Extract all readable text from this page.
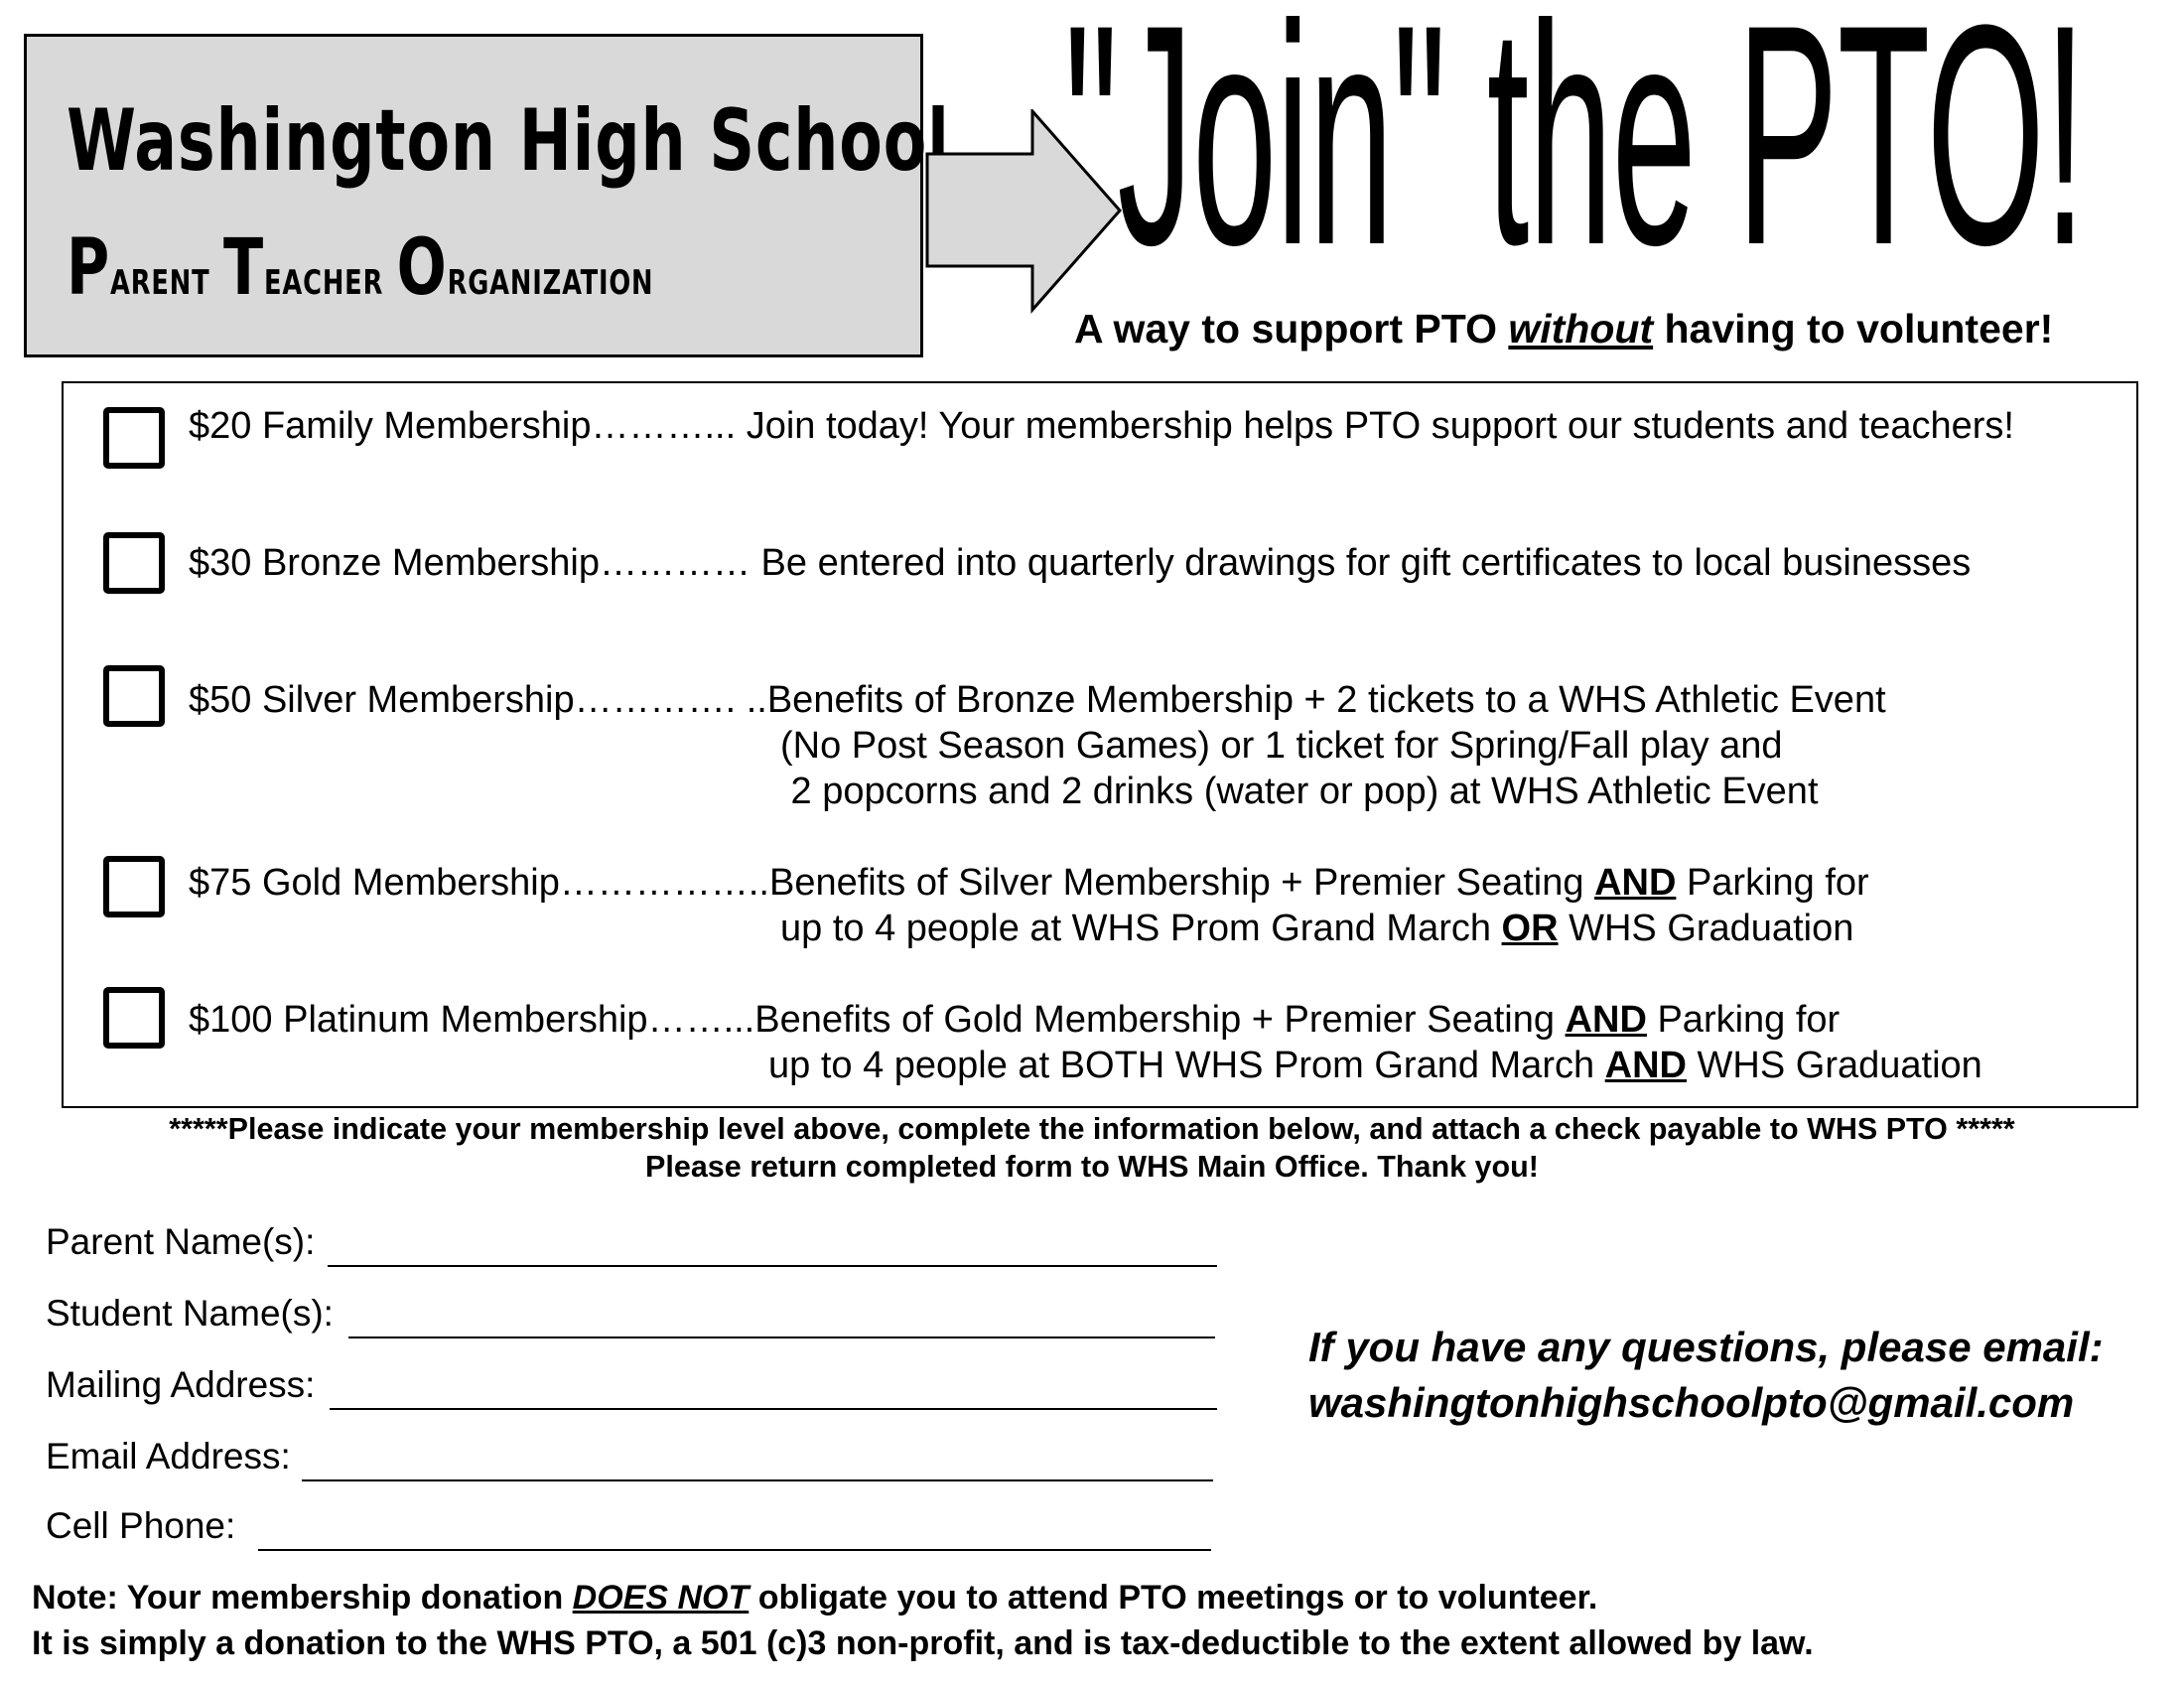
Washington High School
Parent Teacher Organization "Join" the PTO!
A way to support PTO without having to volunteer!
$20 Family Membership………... Join today! Your membership helps PTO support our students and teachers!
$30 Bronze Membership………… Be entered into quarterly drawings for gift certificates to local businesses
$50 Silver Membership…………. ..Benefits of Bronze Membership + 2 tickets to a WHS Athletic Event
(No Post Season Games) or 1 ticket for Spring/Fall play and
2 popcorns and 2 drinks (water or pop) at WHS Athletic Event
$75 Gold Membership……………..Benefits of Silver Membership + Premier Seating AND Parking for
up to 4 people at WHS Prom Grand March OR WHS Graduation
$100 Platinum Membership……...Benefits of Gold Membership + Premier Seating AND Parking for
up to 4 people at BOTH WHS Prom Grand March AND WHS Graduation
*****Please indicate your membership level above, complete the information below, and attach a check payable to WHS PTO *****
Please return completed form to WHS Main Office. Thank you!
Parent Name(s):
Student Name(s):
Mailing Address:
Email Address:
Cell Phone:
If you have any questions, please email:
washingtonhighschoolpto@gmail.com
Note: Your membership donation DOES NOT obligate you to attend PTO meetings or to volunteer.
It is simply a donation to the WHS PTO, a 501 (c)3 non-profit, and is tax-deductible to the extent allowed by law.
